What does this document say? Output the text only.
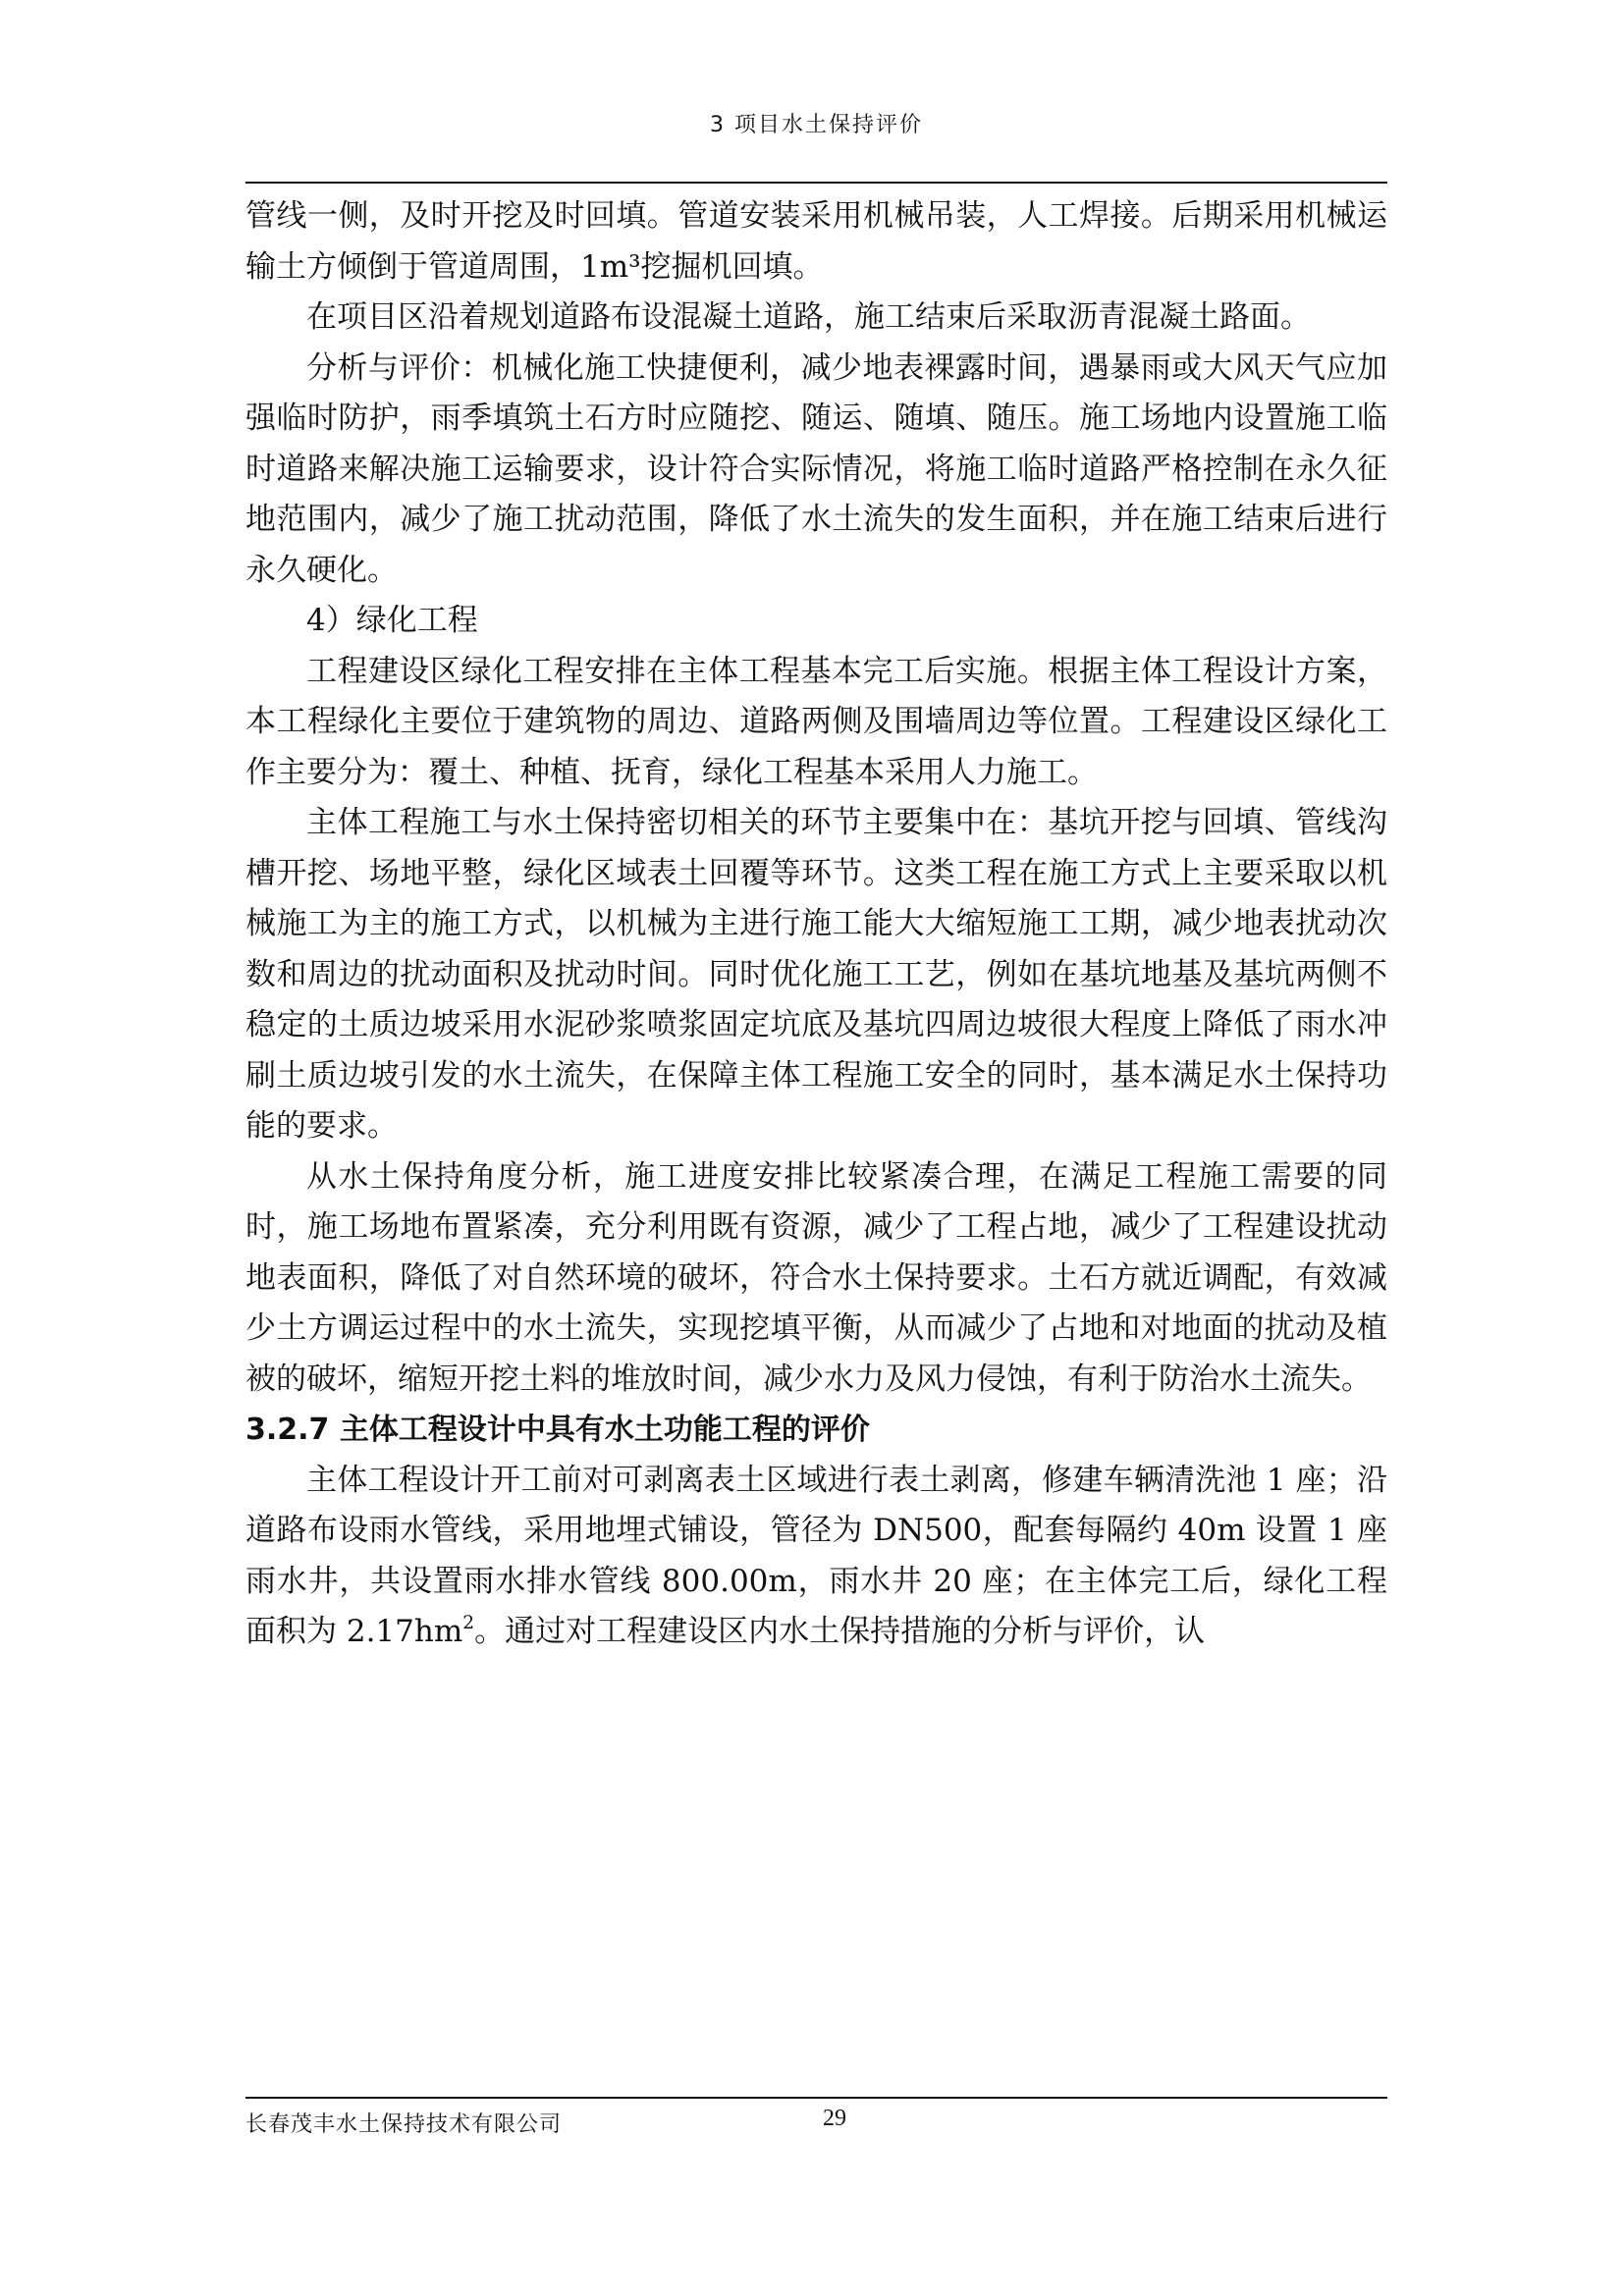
3 项目水土保持评价

管线一侧，及时开挖及时回填。管道安装采用机械吊装，人工焊接。后期采用机械运输土方倾倒于管道周围，1m³挖掘机回填。

在项目区沿着规划道路布设混凝土道路，施工结束后采取沥青混凝土路面。

分析与评价：机械化施工快捷便利，减少地表裸露时间，遇暴雨或大风天气应加强临时防护，雨季填筑土石方时应随挖、随运、随填、随压。施工场地内设置施工临时道路来解决施工运输要求，设计符合实际情况，将施工临时道路严格控制在永久征地范围内，减少了施工扰动范围，降低了水土流失的发生面积，并在施工结束后进行永久硬化。

4）绿化工程

工程建设区绿化工程安排在主体工程基本完工后实施。根据主体工程设计方案，本工程绿化主要位于建筑物的周边、道路两侧及围墙周边等位置。工程建设区绿化工作主要分为：覆土、种植、抚育，绿化工程基本采用人力施工。

主体工程施工与水土保持密切相关的环节主要集中在：基坑开挖与回填、管线沟槽开挖、场地平整，绿化区域表土回覆等环节。这类工程在施工方式上主要采取以机械施工为主的施工方式，以机械为主进行施工能大大缩短施工工期，减少地表扰动次数和周边的扰动面积及扰动时间。同时优化施工工艺，例如在基坑地基及基坑两侧不稳定的土质边坡采用水泥砂浆喷浆固定坑底及基坑四周边坡很大程度上降低了雨水冲刷土质边坡引发的水土流失，在保障主体工程施工安全的同时，基本满足水土保持功能的要求。

从水土保持角度分析，施工进度安排比较紧凑合理，在满足工程施工需要的同时，施工场地布置紧凑，充分利用既有资源，减少了工程占地，减少了工程建设扰动地表面积，降低了对自然环境的破坏，符合水土保持要求。土石方就近调配，有效减少土方调运过程中的水土流失，实现挖填平衡，从而减少了占地和对地面的扰动及植被的破坏，缩短开挖土料的堆放时间，减少水力及风力侵蚀，有利于防治水土流失。

3.2.7 主体工程设计中具有水土功能工程的评价

主体工程设计开工前对可剥离表土区域进行表土剥离，修建车辆清洗池 1 座；沿道路布设雨水管线，采用地埋式铺设，管径为 DN500，配套每隔约 40m 设置 1 座雨水井，共设置雨水排水管线 800.00m，雨水井 20 座；在主体完工后，绿化工程面积为 $2.17hm^2$。通过对工程建设区内水土保持措施的分析与评价，认

长春茂丰水土保持技术有限公司	29
